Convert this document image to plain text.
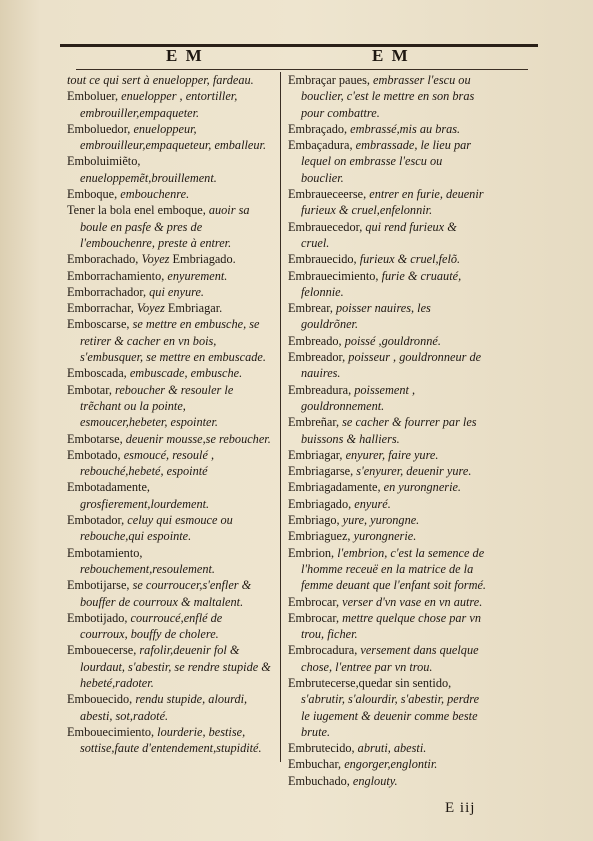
E M	E M

tout ce qui sert à enuelopper, fardeau.

Emboluer, enuelopper , entortiller, embrouiller,empaqueter.

Emboluedor, enueloppeur, embrouilleur,empaqueteur, emballeur.

Emboluimiẽto, enueloppemẽt,brouillement.

Emboque, embouchenre.

Tener la bola enel emboque, auoir sa boule en pasfe & pres de l'embouchenre, preste à entrer.

Emborachado, Voyez Embriagado.

Emborrachamiento, enyurement.

Emborrachador, qui enyure.

Emborrachar, Voyez Embriagar.

Emboscarse, se mettre en embusche, se retirer & cacher en vn bois, s'embusquer, se mettre en embuscade.

Emboscada, embuscade, embusche.

Embotar, reboucher & resouler le trẽchant ou la pointe, esmoucer,hebeter, espointer.

Embotarse, deuenir mousse,se reboucher.

Embotado, esmoucé, resoulé , rebouché,hebeté, espointé

Embotadamente, grosfierement,lourdement.

Embotador, celuy qui esmouce ou rebouche,qui espointe.

Embotamiento, rebouchement,resoulement.

Embotijarse, se courroucer,s'enfler & bouffer de courroux & maltalent.

Embotijado, courroucé,enflé de courroux, bouffy de cholere.

Embouecerse, rafolir,deuenir fol & lourdaut, s'abestir, se rendre stupide & hebeté,radoter.

Embouecido, rendu stupide, alourdi, abesti, sot,radoté.

Embouecimiento, lourderie, bestise, sottise,faute d'entendement,stupidité.

Embraçar paues, embrasser l'escu ou bouclier, c'est le mettre en son bras pour combattre.

Embraçado, embrassé,mis au bras.

Embaçadura, embrassade, le lieu par lequel on embrasse l'escu ou bouclier.

Embraueceerse, entrer en furie, deuenir furieux & cruel,enfelonnir.

Embrauecedor, qui rend furieux & cruel.

Embrauecido, furieux & cruel,felõ.

Embrauecimiento, furie & cruauté, felonnie.

Embrear, poisser nauires, les gouldrõner.

Embreado, poissé ,gouldronné.

Embreador, poisseur , gouldronneur de nauires.

Embreadura, poissement , gouldronnement.

Embreñar, se cacher & fourrer par les buissons & halliers.

Embriagar, enyurer, faire yure.

Embriagarse, s'enyurer, deuenir yure.

Embriagadamente, en yurongnerie.

Embriagado, enyuré.

Embriago, yure, yurongne.

Embriaguez, yurongnerie.

Embrion, l'embrion, c'est la semence de l'homme receuë en la matrice de la femme deuant que l'enfant soit formé.

Embrocar, verser d'vn vase en vn autre.

Embrocar, mettre quelque chose par vn trou, ficher.

Embrocadura, versement dans quelque chose, l'entree par vn trou.

Embrutecerse,quedar sin sentido, s'abrutir, s'alourdir, s'abestir, perdre le iugement & deuenir comme beste brute.

Embrutecido, abruti, abesti.

Embuchar, engorger,englontir.

Embuchado, englouty.

E iij
